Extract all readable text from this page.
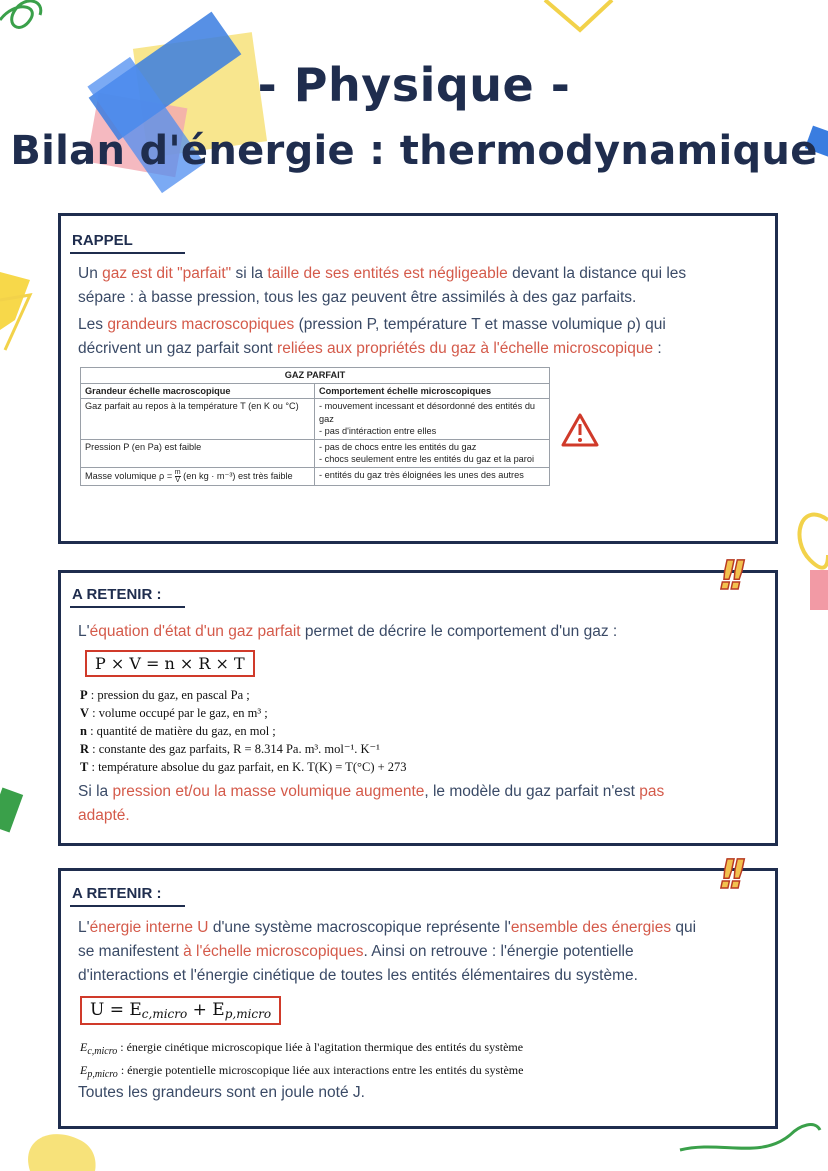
- Physique -
Bilan d'énergie : thermodynamique
RAPPEL
Un gaz est dit "parfait" si la taille de ses entités est négligeable devant la distance qui les
sépare : à basse pression, tous les gaz peuvent être assimilés à des gaz parfaits.
Les grandeurs macroscopiques (pression P, température T et masse volumique ρ) qui
décrivent un gaz parfait sont reliées aux propriétés du gaz à l'échelle microscopique :
GAZ PARFAIT	
Grandeur échelle macroscopique	Comportement échelle microscopiques
Gaz parfait au repos à la température T (en K ou °C)	- mouvement incessant et désordonné des entités du gaz
- pas d'intéraction entre elles
Pression P (en Pa) est faible	- pas de chocs entre les entités du gaz
- chocs seulement entre les entités du gaz et la paroi
Masse volumique $\rho = \frac{m}{V} (en$ kg · m⁻³) est très faible	- entités du gaz très éloignées les unes des autres
!!
A RETENIR :
L'équation d'état d'un gaz parfait permet de décrire le comportement d'un gaz :
P × V = n × R × T
P : pression du gaz, en pascal Pa ;
V : volume occupé par le gaz, en m³ ;
n : quantité de matière du gaz, en mol ;
R : constante des gaz parfaits, R = 8.314 Pa. m³. mol⁻¹. K⁻¹
T : température absolue du gaz parfait, en K. T(K) = T(°C) + 273
Si la pression et/ou la masse volumique augmente, le modèle du gaz parfait n'est pas
adapté.
!!
A RETENIR :
L'énergie interne U d'une système macroscopique représente l'ensemble des énergies qui
se manifestent à l'échelle microscopiques. Ainsi on retrouve : l'énergie potentielle
d'interactions et l'énergie cinétique de toutes les entités élémentaires du système.
$U = E_{c,micro} + E_{p,micro}$
$E_{c,micro}$ : énergie cinétique microscopique liée à l'agitation thermique des entités du système
$E_{p,micro}$ : énergie potentielle microscopique liée aux interactions entre les entités du système
Toutes les grandeurs sont en joule noté J.
